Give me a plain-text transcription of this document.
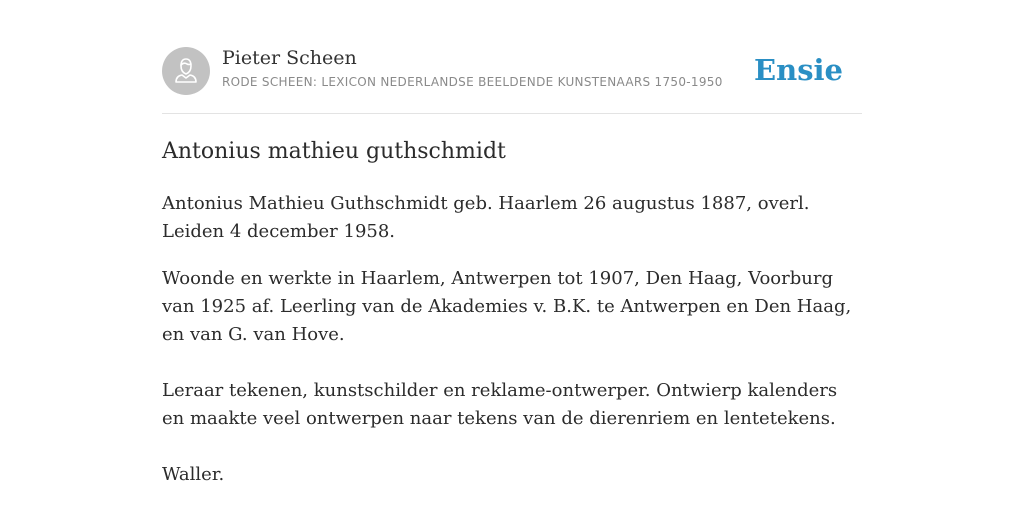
Pieter Scheen
RODE SCHEEN: LEXICON NEDERLANDSE BEELDENDE KUNSTENAARS 1750-1950 Ensie
Antonius mathieu guthschmidt

Antonius Mathieu Guthschmidt geb. Haarlem 26 augustus 1887, overl. Leiden 4 december 1958.

Woonde en werkte in Haarlem, Antwerpen tot 1907, Den Haag, Voorburg van 1925 af. Leerling van de Akademies v. B.K. te Antwerpen en Den Haag, en van G. van Hove.

Leraar tekenen, kunstschilder en reklame-ontwerper. Ontwierp kalenders en maakte veel ontwerpen naar tekens van de dierenriem en lentetekens.

Waller.
